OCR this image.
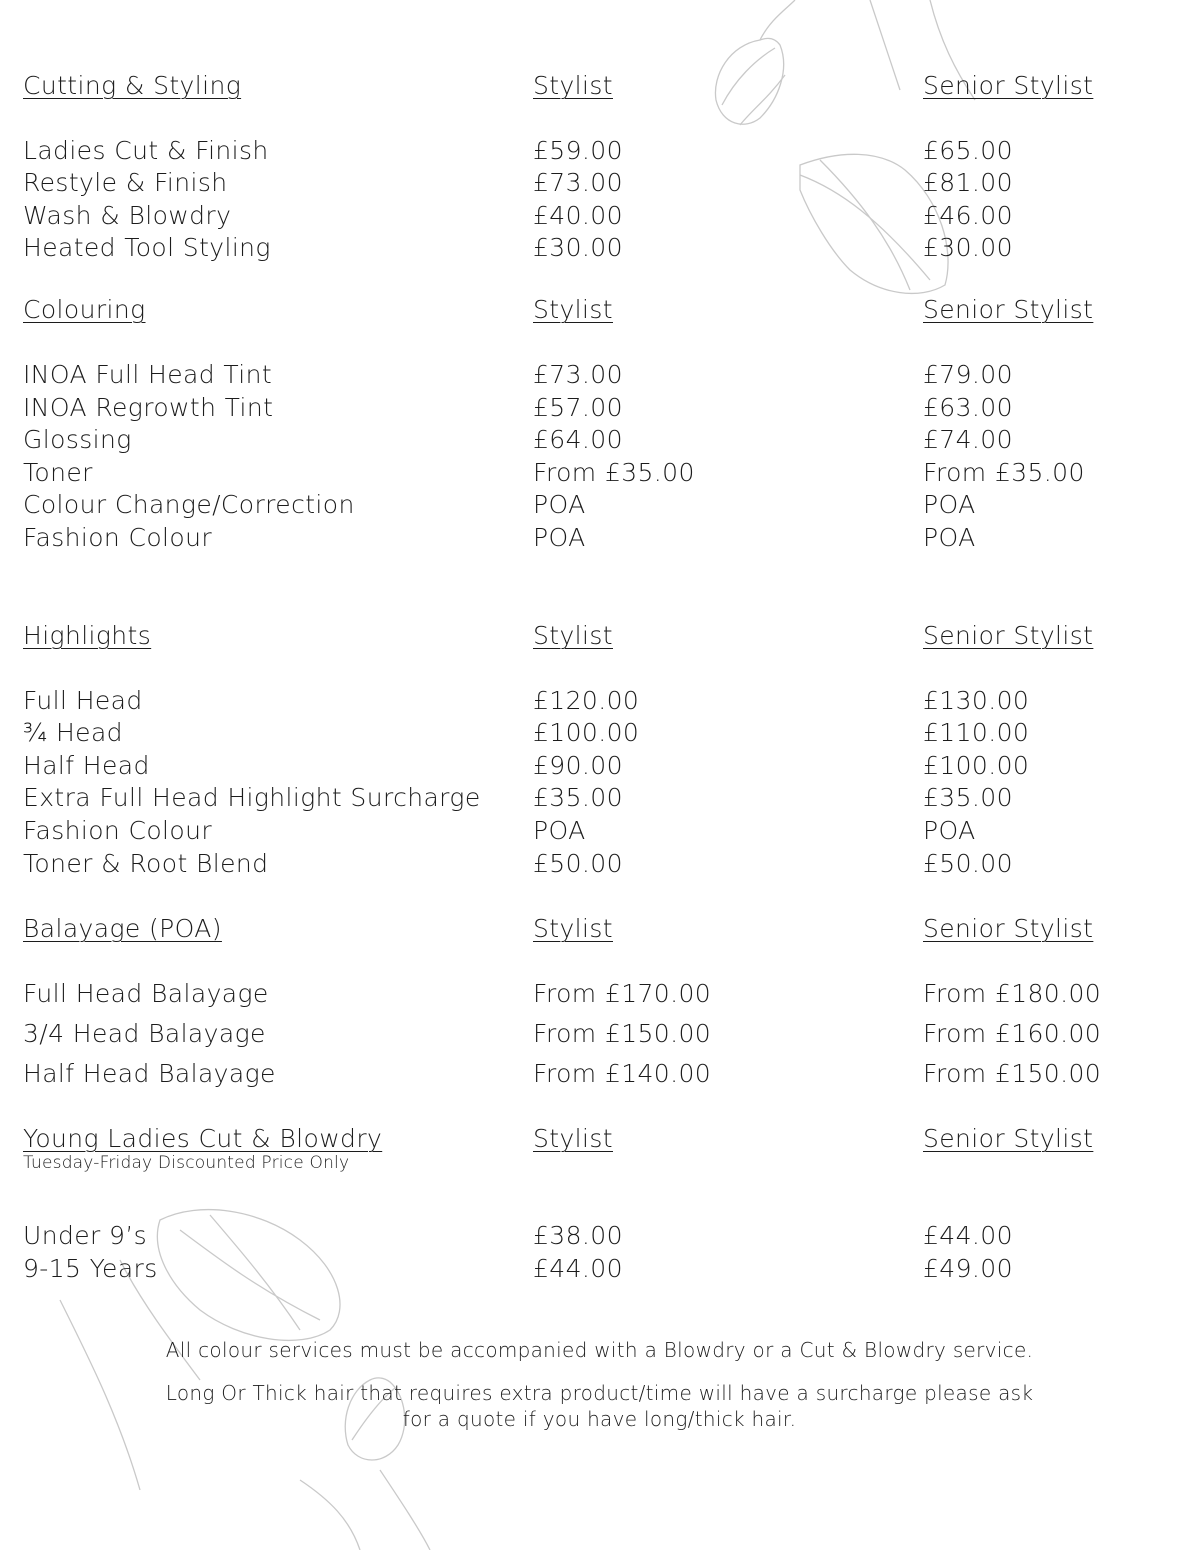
Cutting & Styling	Stylist	Senior Stylist
Ladies Cut & Finish	£59.00	£65.00
Restyle & Finish	£73.00	£81.00
Wash & Blowdry	£40.00	£46.00
Heated Tool Styling	£30.00	£30.00
Colouring	Stylist	Senior Stylist
INOA Full Head Tint	£73.00	£79.00
INOA Regrowth Tint	£57.00	£63.00
Glossing	£64.00	£74.00
Toner	From £35.00	From £35.00
Colour Change/Correction	POA	POA
Fashion Colour	POA	POA
Highlights	Stylist	Senior Stylist
Full Head	£120.00	£130.00
¾ Head	£100.00	£110.00
Half Head	£90.00	£100.00
Extra Full Head Highlight Surcharge £35.00	£35.00
Fashion Colour	POA	POA
Toner & Root Blend	£50.00	£50.00
Balayage (POA)	Stylist	Senior Stylist
Full Head Balayage	From £170.00	From £180.00
3/4 Head Balayage	From £150.00	From £160.00
Half Head Balayage	From £140.00	From £150.00
Young Ladies Cut & Blowdry	Stylist	Senior Stylist
Tuesday-Friday Discounted Price Only
Under 9’s	£38.00	£44.00
9-15 Years	£44.00	£49.00
All colour services must be accompanied with a Blowdry or a Cut & Blowdry service.
Long Or Thick hair that requires extra product/time will have a surcharge please ask
for a quote if you have long/thick hair.
